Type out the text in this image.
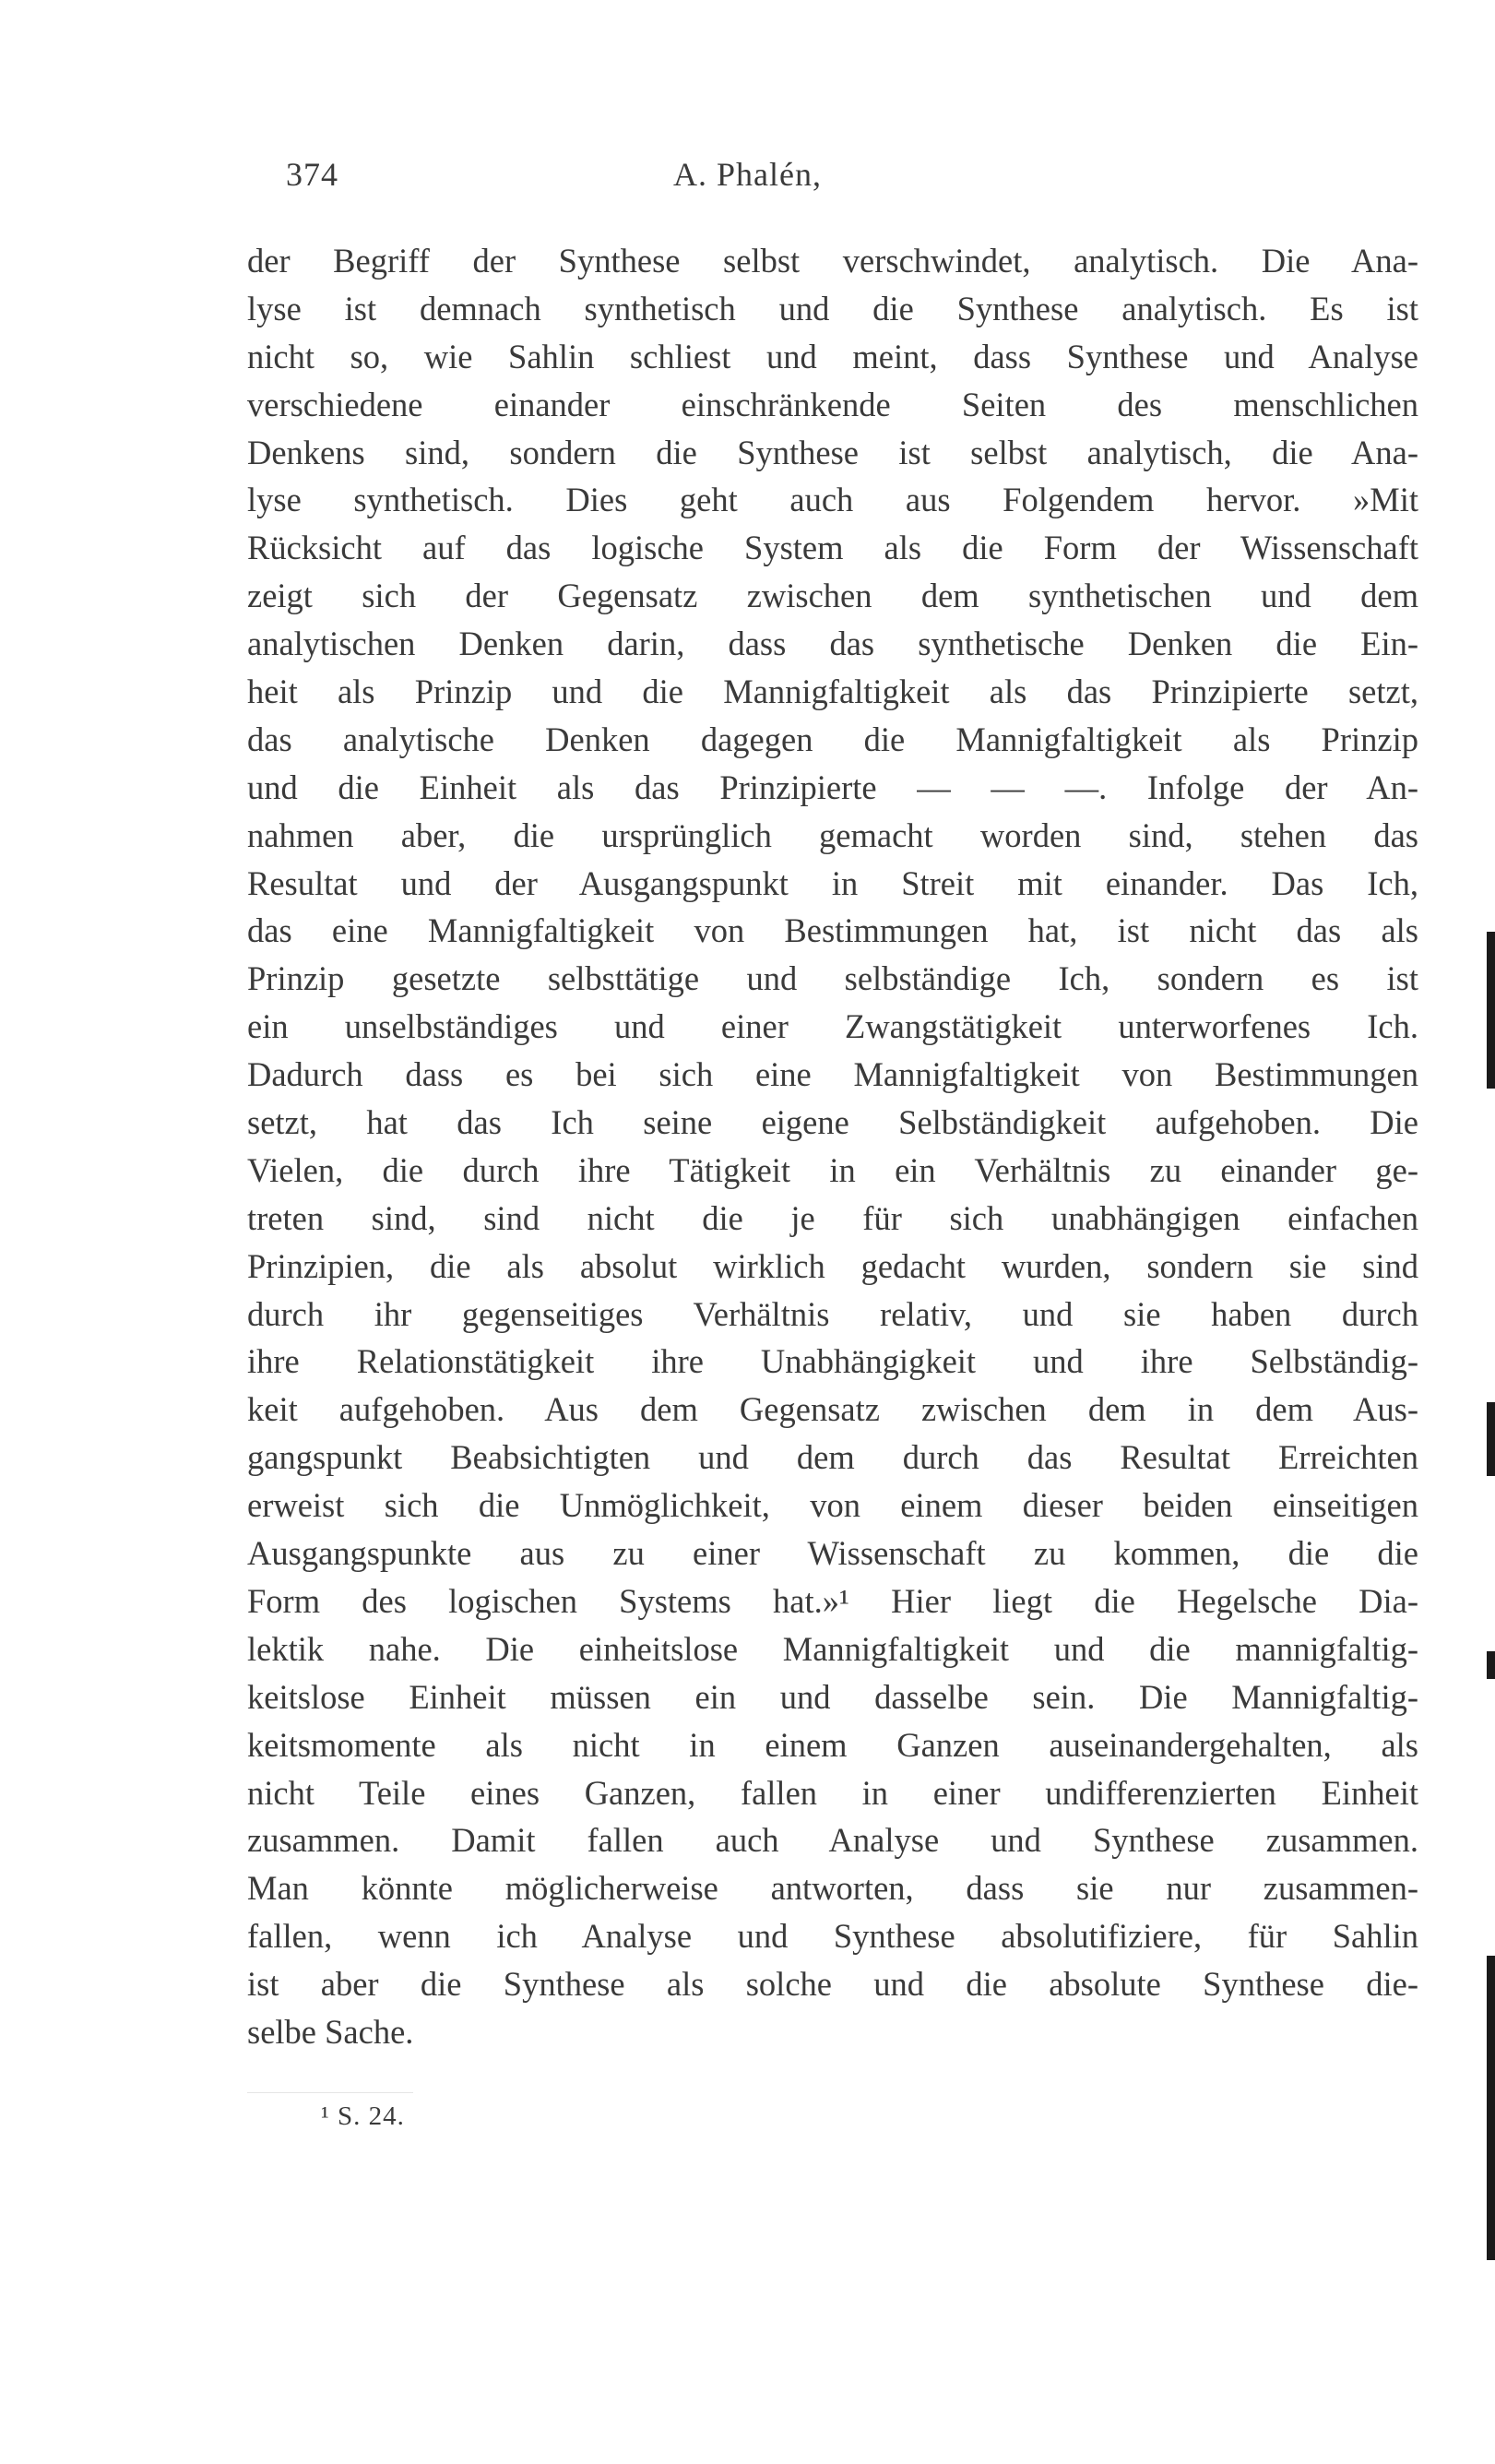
374	A. Phalén,
der Begriff der Synthese selbst verschwindet, analytisch. Die Ana-
lyse ist demnach synthetisch und die Synthese analytisch. Es ist
nicht so, wie Sahlin schliest und meint, dass Synthese und Analyse
verschiedene einander einschränkende Seiten des menschlichen
Denkens sind, sondern die Synthese ist selbst analytisch, die Ana-
lyse synthetisch. Dies geht auch aus Folgendem hervor. »Mit
Rücksicht auf das logische System als die Form der Wissenschaft
zeigt sich der Gegensatz zwischen dem synthetischen und dem
analytischen Denken darin, dass das synthetische Denken die Ein-
heit als Prinzip und die Mannigfaltigkeit als das Prinzipierte setzt,
das analytische Denken dagegen die Mannigfaltigkeit als Prinzip
und die Einheit als das Prinzipierte — — —. Infolge der An-
nahmen aber, die ursprünglich gemacht worden sind, stehen das
Resultat und der Ausgangspunkt in Streit mit einander. Das Ich,
das eine Mannigfaltigkeit von Bestimmungen hat, ist nicht das als
Prinzip gesetzte selbsttätige und selbständige Ich, sondern es ist
ein unselbständiges und einer Zwangstätigkeit unterworfenes Ich.
Dadurch dass es bei sich eine Mannigfaltigkeit von Bestimmungen
setzt, hat das Ich seine eigene Selbständigkeit aufgehoben. Die
Vielen, die durch ihre Tätigkeit in ein Verhältnis zu einander ge-
treten sind, sind nicht die je für sich unabhängigen einfachen
Prinzipien, die als absolut wirklich gedacht wurden, sondern sie sind
durch ihr gegenseitiges Verhältnis relativ, und sie haben durch
ihre Relationstätigkeit ihre Unabhängigkeit und ihre Selbständig-
keit aufgehoben. Aus dem Gegensatz zwischen dem in dem Aus-
gangspunkt Beabsichtigten und dem durch das Resultat Erreichten
erweist sich die Unmöglichkeit, von einem dieser beiden einseitigen
Ausgangspunkte aus zu einer Wissenschaft zu kommen, die die
Form des logischen Systems hat.»¹ Hier liegt die Hegelsche Dia-
lektik nahe. Die einheitslose Mannigfaltigkeit und die mannigfaltig-
keitslose Einheit müssen ein und dasselbe sein. Die Mannigfaltig-
keitsmomente als nicht in einem Ganzen auseinandergehalten, als
nicht Teile eines Ganzen, fallen in einer undifferenzierten Einheit
zusammen. Damit fallen auch Analyse und Synthese zusammen.
Man könnte möglicherweise antworten, dass sie nur zusammen-
fallen, wenn ich Analyse und Synthese absolutifiziere, für Sahlin
ist aber die Synthese als solche und die absolute Synthese die-
selbe Sache.
¹ S. 24.
